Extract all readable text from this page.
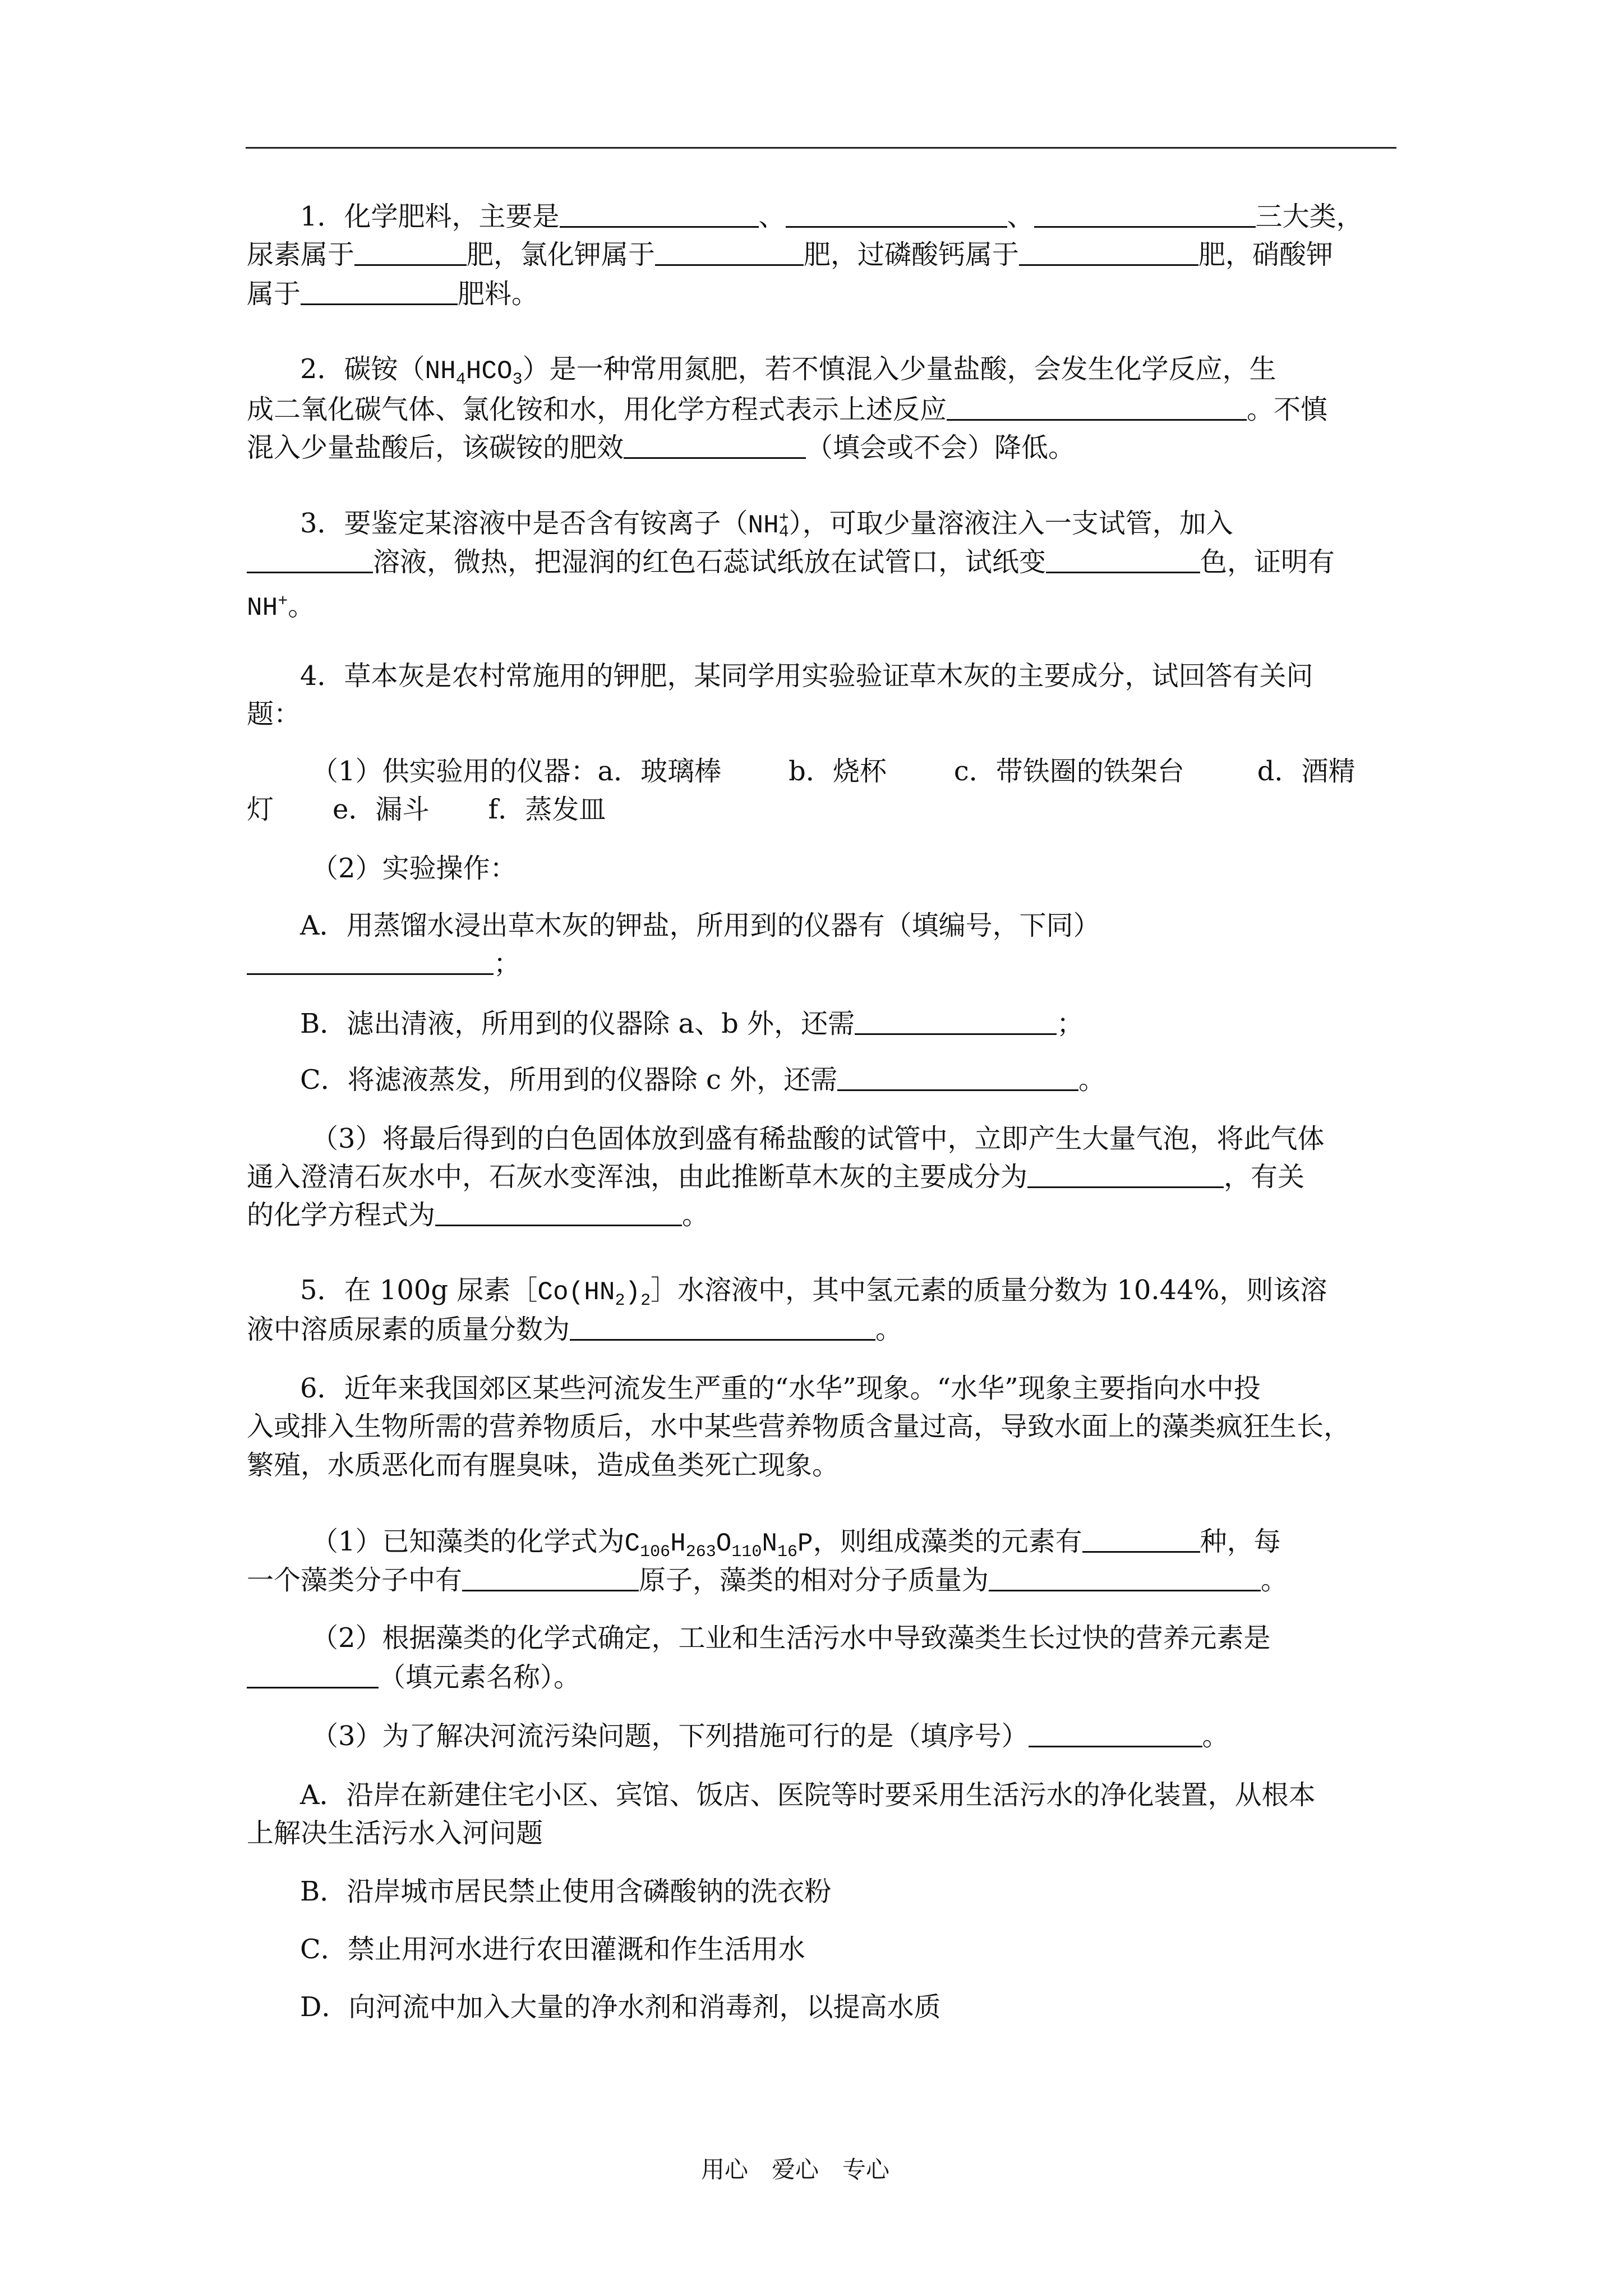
1．化学肥料，主要是	、	、	三大类，
尿素属于	肥，氯化钾属于	肥，过磷酸钙属于	肥，硝酸钾
属于	肥料。
2．碳铵$(NH_4HCO_3)$是一种常用氮肥，若不慎混入少量盐酸，会发生化学反应，生
成二氧化碳气体、氯化铵和水，用化学方程式表示上述反应	。不慎
混入少量盐酸后，该碳铵的肥效	（填会或不会）降低。
3．要鉴定某溶液中是否含有铵离子（NH +
4 ），可取少量溶液注入一支试管，加入
溶液，微热，把湿润的红色石蕊试纸放在试管口，试纸变	色，证明有
NH+。
4．草本灰是农村常施用的钾肥，某同学用实验验证草木灰的主要成分，试回答有关问
题：
（1）供实验用的仪器：a．玻璃棒	b．烧杯	c．带铁圈的铁架台	d．酒精
灯 e．漏斗 f．蒸发皿
（2）实验操作：
A．用蒸馏水浸出草木灰的钾盐，所用到的仪器有（填编号，下同）
；
B．滤出清液，所用到的仪器除 a、b 外，还需	；
C．将滤液蒸发，所用到的仪器除 c 外，还需	。
（3）将最后得到的白色固体放到盛有稀盐酸的试管中，立即产生大量气泡，将此气体
通入澄清石灰水中，石灰水变浑浊，由此推断草木灰的主要成分为	，有关
的化学方程式为	。
5．在 100g 尿素$[Co(HN_2)_2]$水溶液中，其中氢元素的质量分数为 10.44%，则该溶
液中溶质尿素的质量分数为	。
6．近年来我国郊区某些河流发生严重的“水华”现象。“水华”现象主要指向水中投
入或排入生物所需的营养物质后，水中某些营养物质含量过高，导致水面上的藻类疯狂生长，
繁殖，水质恶化而有腥臭味，造成鱼类死亡现象。
（1）已知藻类的化学式为$C_{106}H_{263}O_{110}N_{16}P$，则组成藻类的元素有	种，每
一个藻类分子中有	原子，藻类的相对分子质量为	。
（2）根据藻类的化学式确定，工业和生活污水中导致藻类生长过快的营养元素是
（填元素名称）。
（3）为了解决河流污染问题，下列措施可行的是（填序号）	。
A．沿岸在新建住宅小区、宾馆、饭店、医院等时要采用生活污水的净化装置，从根本
上解决生活污水入河问题
B．沿岸城市居民禁止使用含磷酸钠的洗衣粉
C．禁止用河水进行农田灌溉和作生活用水
D．向河流中加入大量的净水剂和消毒剂，以提高水质
用心　爱心　专心
